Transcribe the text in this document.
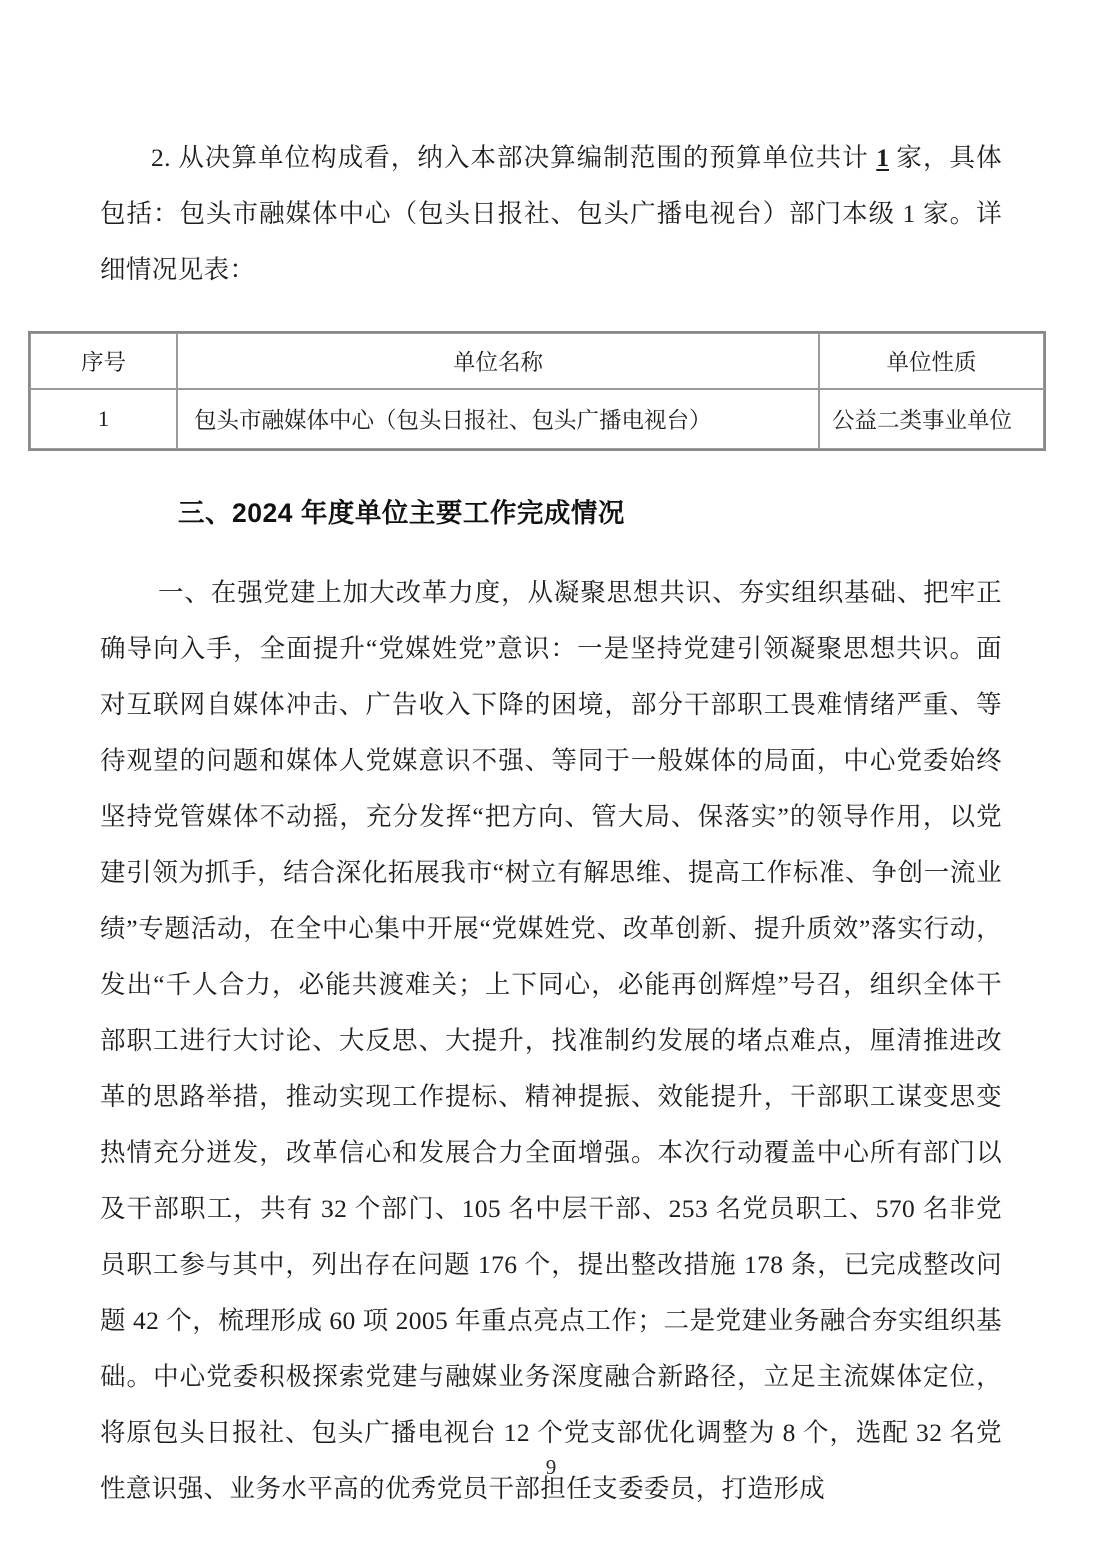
2. 从决算单位构成看，纳入本部决算编制范围的预算单位共计 1 家，具体包括：包头市融媒体中心（包头日报社、包头广播电视台）部门本级 1 家。详细情况见表：

序号	单位名称	单位性质
1	包头市融媒体中心（包头日报社、包头广播电视台）	公益二类事业单位
三、2024 年度单位主要工作完成情况

一、在强党建上加大改革力度，从凝聚思想共识、夯实组织基础、把牢正确导向入手，全面提升“党媒姓党”意识：一是坚持党建引领凝聚思想共识。面对互联网自媒体冲击、广告收入下降的困境，部分干部职工畏难情绪严重、等待观望的问题和媒体人党媒意识不强、等同于一般媒体的局面，中心党委始终坚持党管媒体不动摇，充分发挥“把方向、管大局、保落实”的领导作用，以党建引领为抓手，结合深化拓展我市“树立有解思维、提高工作标准、争创一流业绩”专题活动，在全中心集中开展“党媒姓党、改革创新、提升质效”落实行动，发出“千人合力，必能共渡难关；上下同心，必能再创辉煌”号召，组织全体干部职工进行大讨论、大反思、大提升，找准制约发展的堵点难点，厘清推进改革的思路举措，推动实现工作提标、精神提振、效能提升，干部职工谋变思变热情充分迸发，改革信心和发展合力全面增强。本次行动覆盖中心所有部门以及干部职工，共有 32 个部门、105 名中层干部、253 名党员职工、570 名非党员职工参与其中，列出存在问题 176 个，提出整改措施 178 条，已完成整改问题 42 个，梳理形成 60 项 2005 年重点亮点工作；二是党建业务融合夯实组织基础。中心党委积极探索党建与融媒业务深度融合新路径，立足主流媒体定位，将原包头日报社、包头广播电视台 12 个党支部优化调整为 8 个，选配 32 名党性意识强、业务水平高的优秀党员干部担任支委委员，打造形成

9
